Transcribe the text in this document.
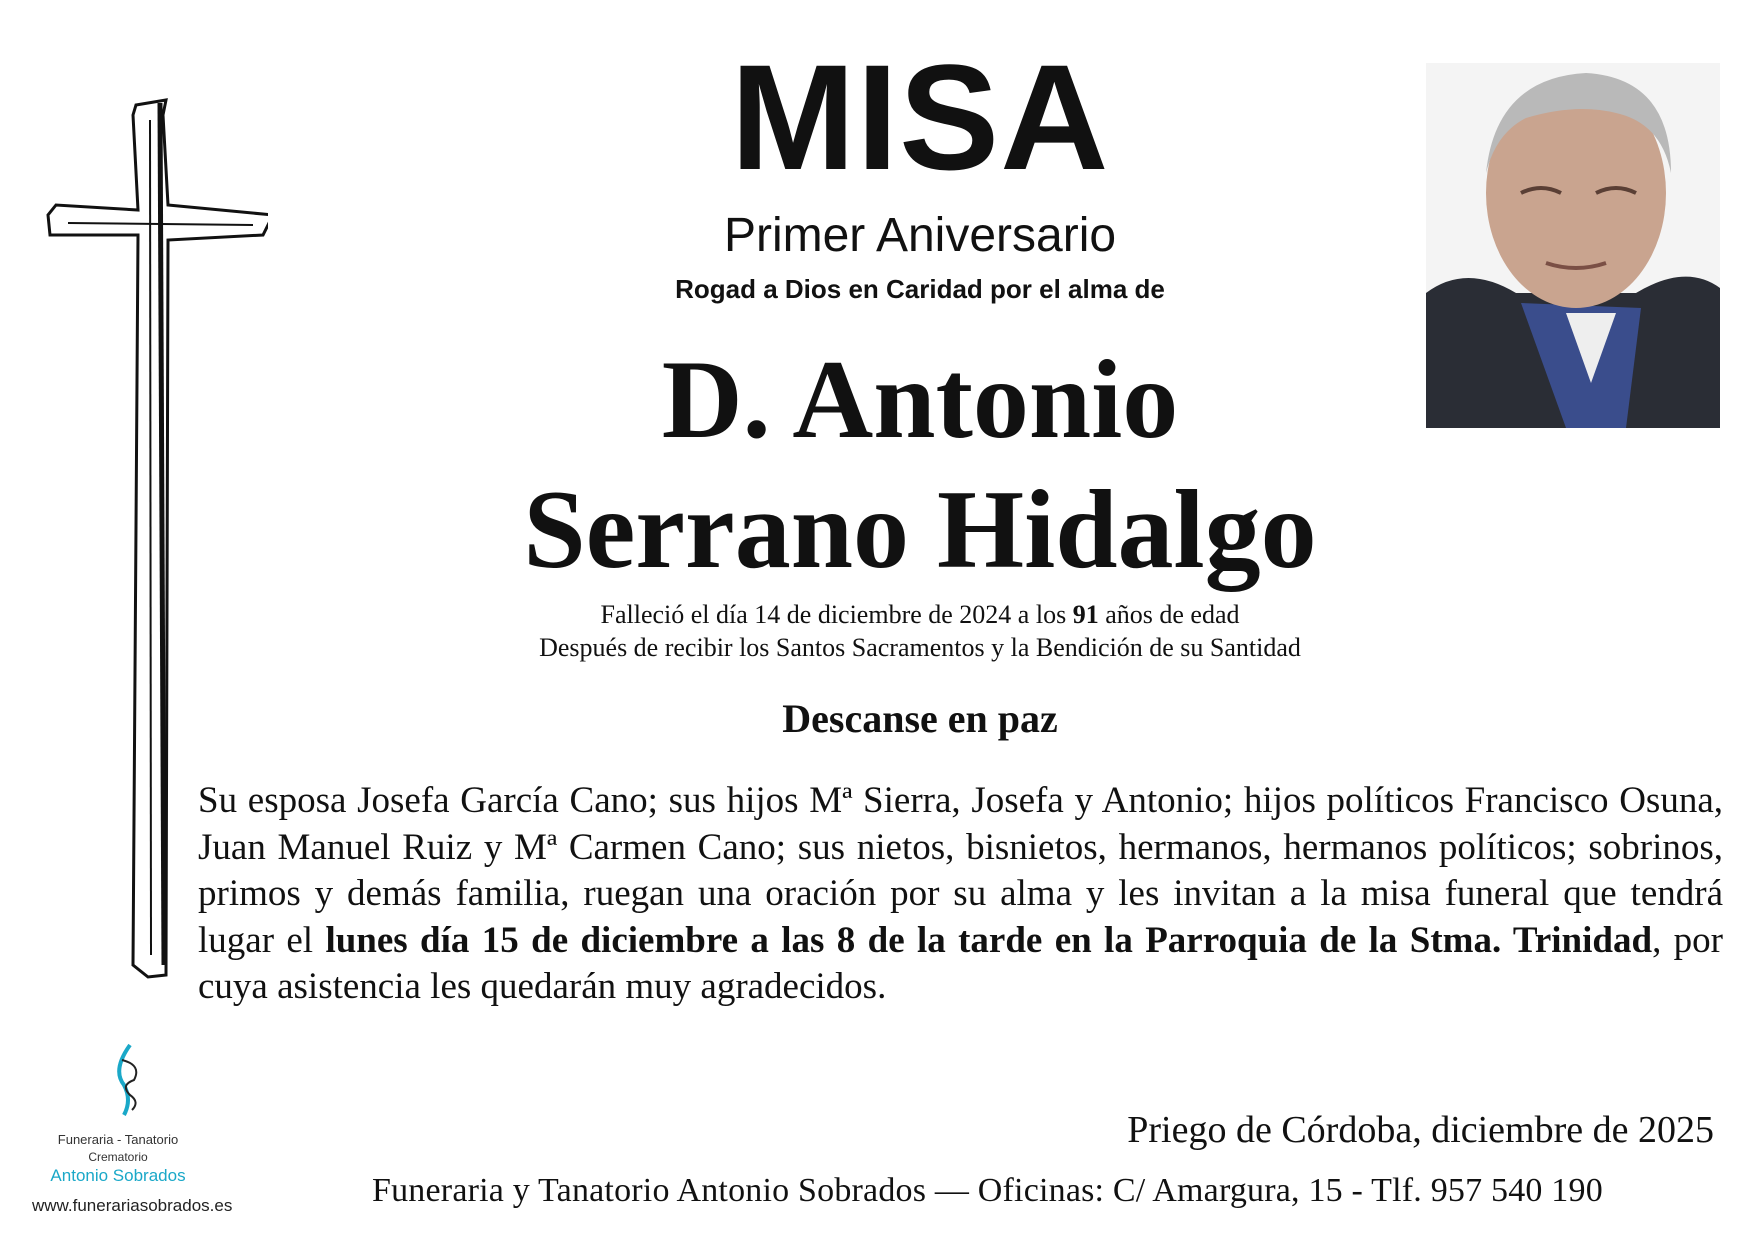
MISA
Primer Aniversario
Rogad a Dios en Caridad por el alma de
D. Antonio
Serrano Hidalgo
Falleció el día 14 de diciembre de 2024 a los 91 años de edad
Después de recibir los Santos Sacramentos y la Bendición de su Santidad
Descanse en paz
Su esposa Josefa García Cano; sus hijos Mª Sierra, Josefa y Antonio; hijos políticos Francisco Osuna, Juan Manuel Ruiz y Mª Carmen Cano; sus nietos, bisnietos, hermanos, hermanos políticos; sobrinos, primos y demás familia, ruegan una oración por su alma y les invitan a la misa funeral que tendrá lugar el lunes día 15 de diciembre a las 8 de la tarde en la Parroquia de la Stma. Trinidad, por cuya asistencia les quedarán muy agradecidos.
Priego de Córdoba, diciembre de 2025
Funeraria y Tanatorio Antonio Sobrados — Oficinas: C/ Amargura, 15 - Tlf. 957 540 190
Funeraria - Tanatorio
Crematorio
Antonio Sobrados
www.funerariasobrados.es
